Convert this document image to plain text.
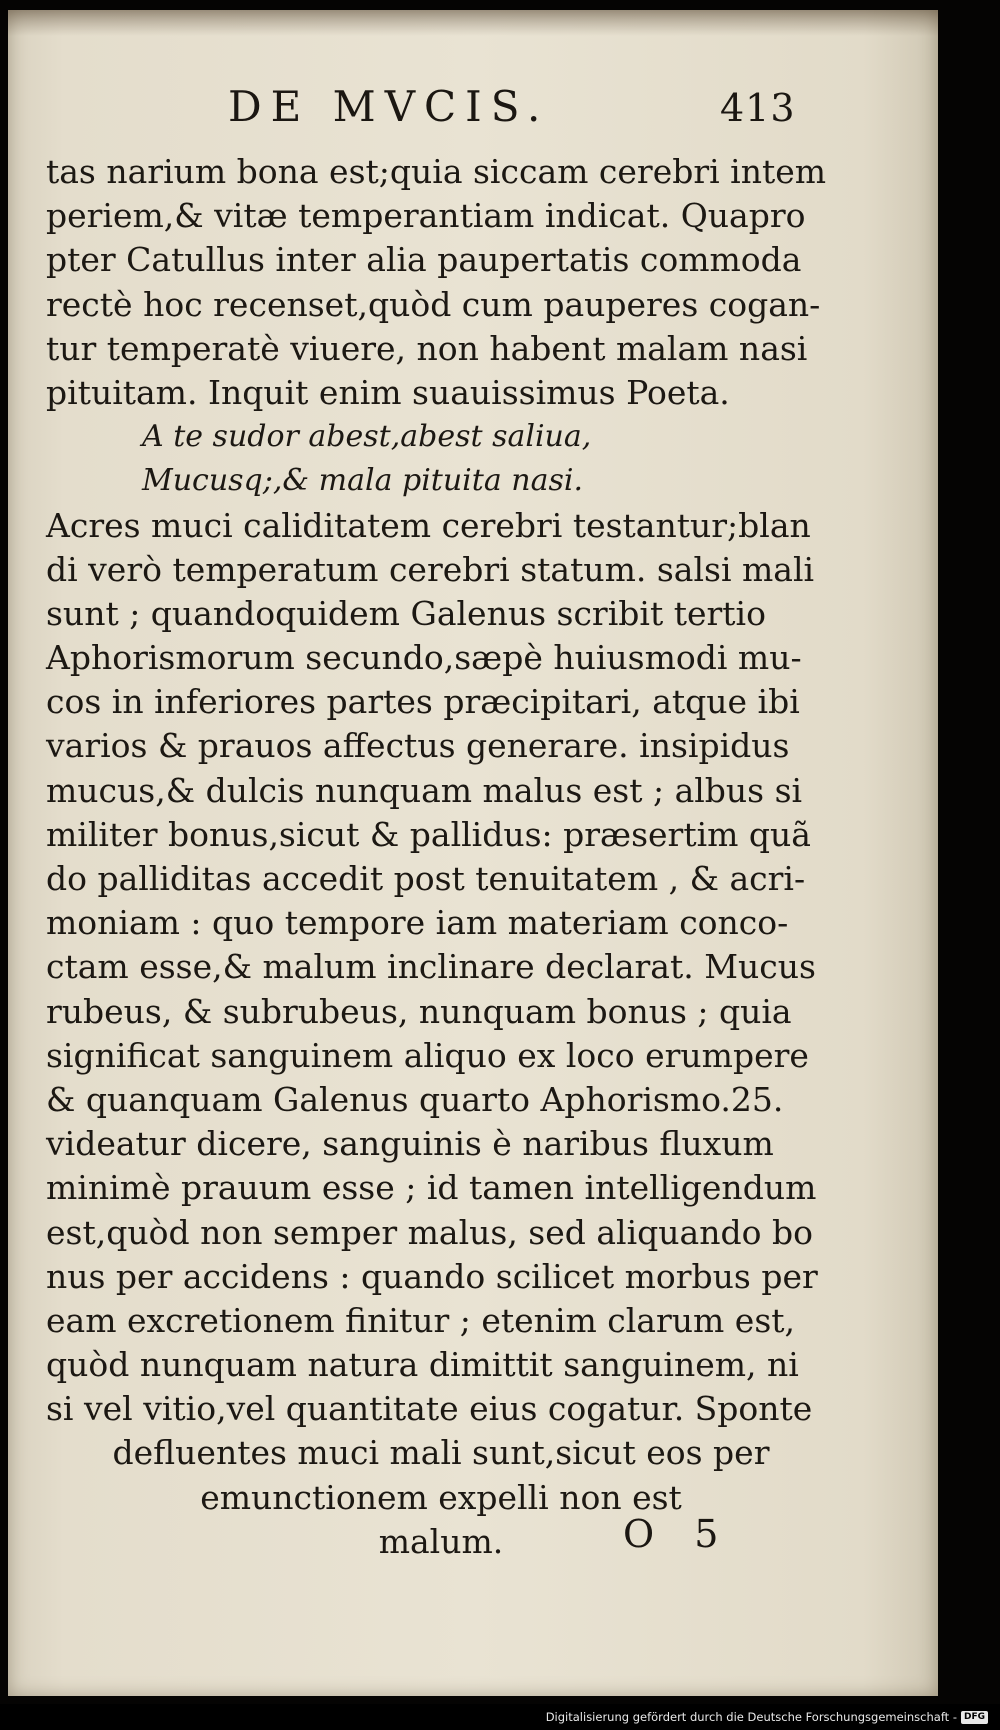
DE MVCIS.	413
tas narium bona est;quia siccam cerebri intem
periem,& vitæ temperantiam indicat. Quapro
pter Catullus inter alia paupertatis commoda
rectè hoc recenset,quòd cum pauperes cogan-
tur temperatè viuere, non habent malam nasi
pituitam. Inquit enim suauissimus Poeta.
A te sudor abest,abest saliua,
Mucusq;,& mala pituita nasi.
Acres muci caliditatem cerebri testantur;blan
di verò temperatum cerebri statum. salsi mali
sunt ; quandoquidem Galenus scribit tertio
Aphorismorum secundo,sæpè huiusmodi mu-
cos in inferiores partes præcipitari, atque ibi
varios & prauos affectus generare. insipidus
mucus,& dulcis nunquam malus est ; albus si
militer bonus,sicut & pallidus: præsertim quã
do palliditas accedit post tenuitatem , & acri-
moniam : quo tempore iam materiam conco-
ctam esse,& malum inclinare declarat. Mucus
rubeus, & subrubeus, nunquam bonus ; quia
significat sanguinem aliquo ex loco erumpere
& quanquam Galenus quarto Aphorismo.25.
videatur dicere, sanguinis è naribus fluxum
minimè prauum esse ; id tamen intelligendum
est,quòd non semper malus, sed aliquando bo
nus per accidens : quando scilicet morbus per
eam excretionem finitur ; etenim clarum est,
quòd nunquam natura dimittit sanguinem, ni
si vel vitio,vel quantitate eius cogatur. Sponte
defluentes muci mali sunt,sicut eos per
emunctionem expelli non est
malum.	O 5
Digitalisierung gefördert durch die Deutsche Forschungsgemeinschaft - DFG
